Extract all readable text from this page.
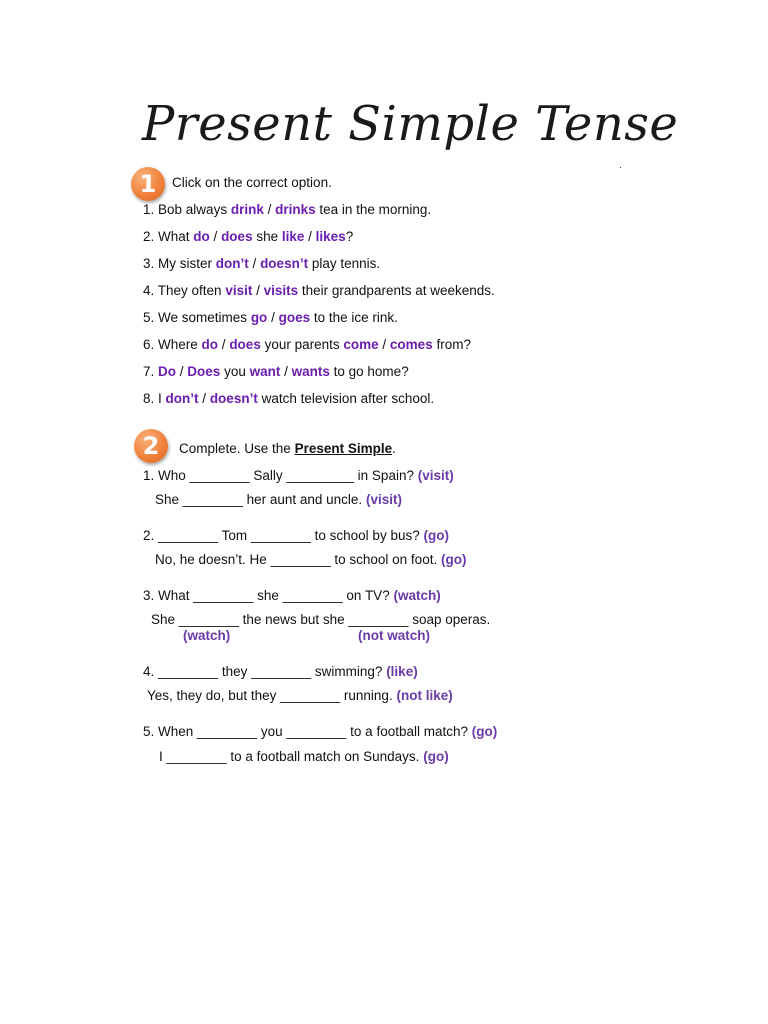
Present Simple Tense
.
1	Click on the correct option.
1. Bob always drink / drinks tea in the morning.
2. What do / does she like / likes?
3. My sister don’t / doesn’t play tennis.
4. They often visit / visits their grandparents at weekends.
5. We sometimes go / goes to the ice rink.
6. Where do / does your parents come / comes from?
7. Do / Does you want / wants to go home?
8. I don’t / doesn’t watch television after school.
2	Complete. Use the Present Simple.
1. Who ________ Sally _________ in Spain? (visit)
She ________ her aunt and uncle. (visit)
2. ________ Tom ________ to school by bus? (go)
No, he doesn’t. He ________ to school on foot. (go)
3. What ________ she ________ on TV? (watch)
She ________ the news but she ________ soap operas.
(watch)	(not watch)
4. ________ they ________ swimming? (like)
Yes, they do, but they ________ running. (not like)
5. When ________ you ________ to a football match? (go)
I ________ to a football match on Sundays. (go)
